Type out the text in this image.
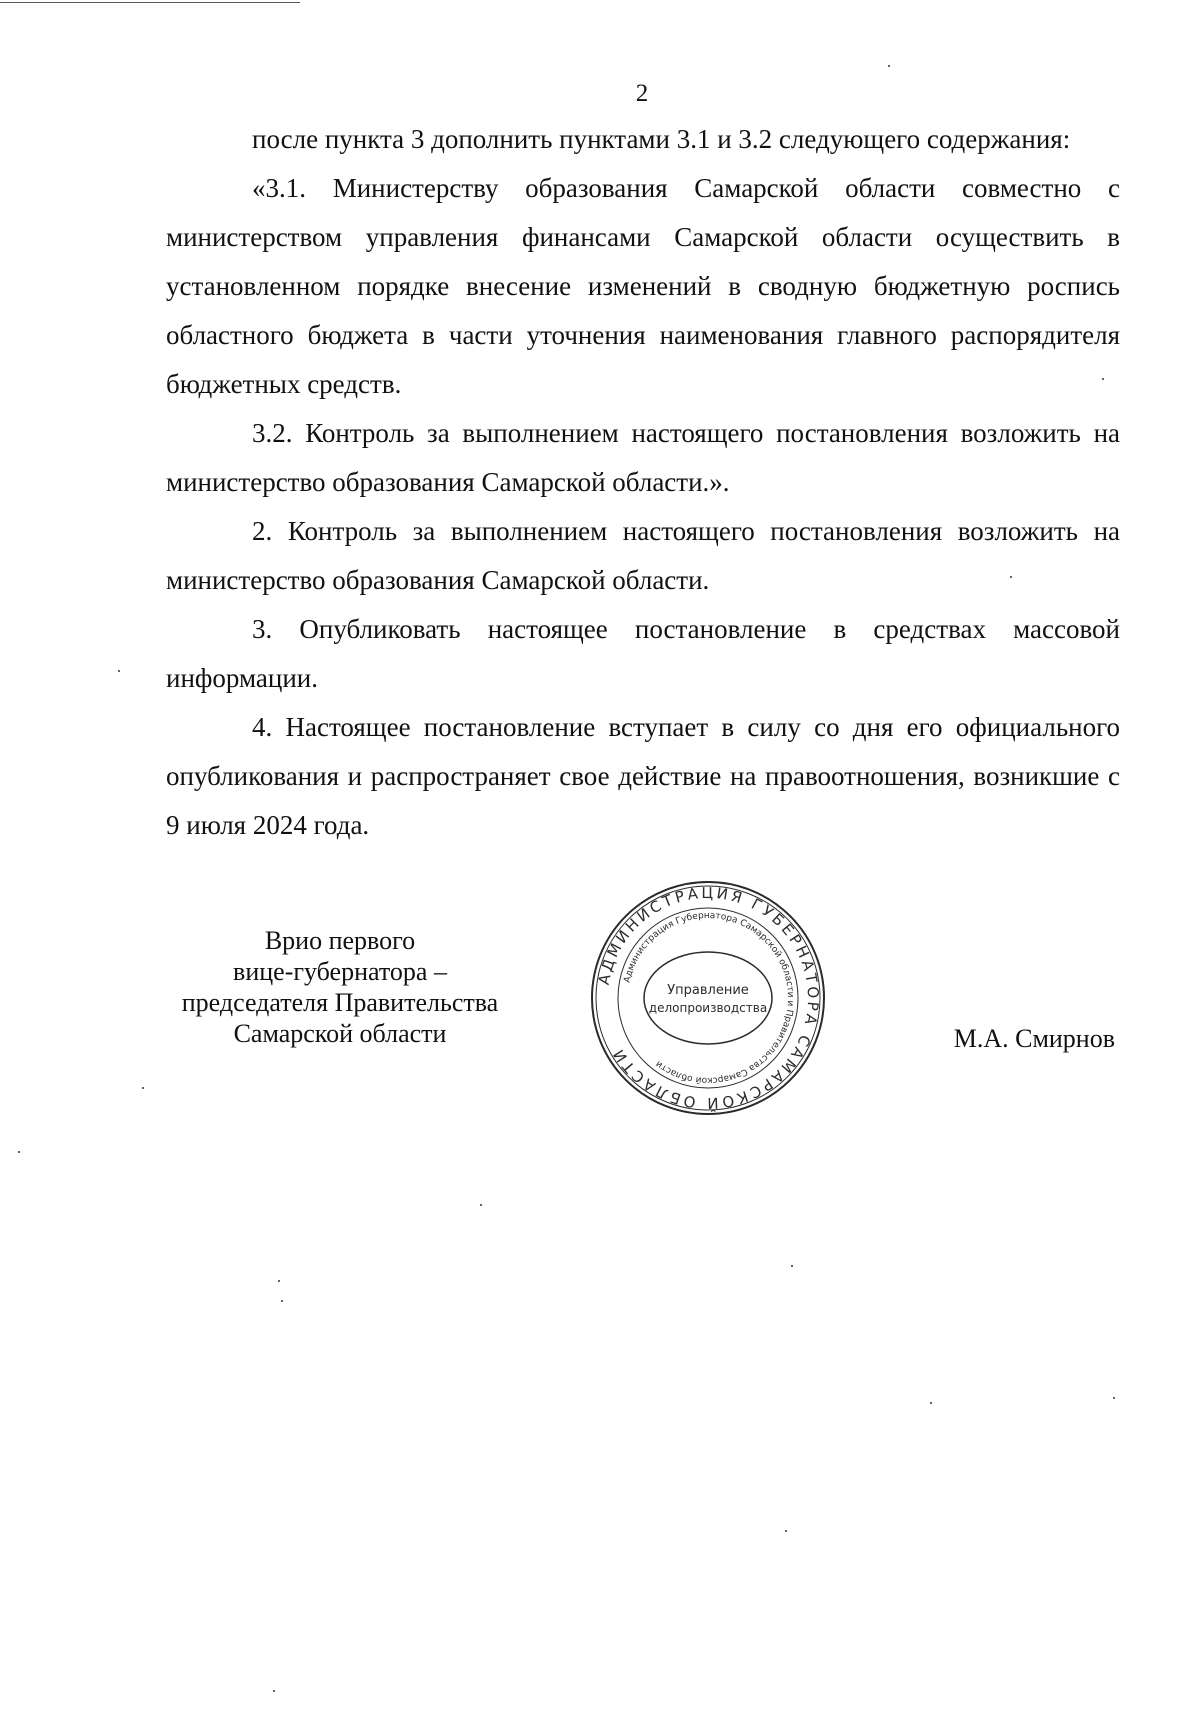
2

после пункта 3 дополнить пунктами 3.1 и 3.2 следующего содержания:

«3.1. Министерству образования Самарской области совместно с министерством управления финансами Самарской области осуществить в установленном порядке внесение изменений в сводную бюджетную роспись областного бюджета в части уточнения наименования главного распорядителя бюджетных средств.

3.2. Контроль за выполнением настоящего постановления возложить на министерство образования Самарской области.».

2. Контроль за выполнением настоящего постановления возложить на министерство образования Самарской области.

3. Опубликовать настоящее постановление в средствах массовой информации.

4. Настоящее постановление вступает в силу со дня его официального опубликования и распространяет свое действие на правоотношения, возникшие с 9 июля 2024 года.

Врио первого
вице-губернатора –
председателя Правительства
Самарской области
АДМИНИСТРАЦИЯ ГУБЕРНАТОРА САМАРСКОЙ ОБЛАСТИ
Администрация Губернатора Самарской области и Правительства Самарской области
Управление
делопроизводства
М.А. Смирнов
